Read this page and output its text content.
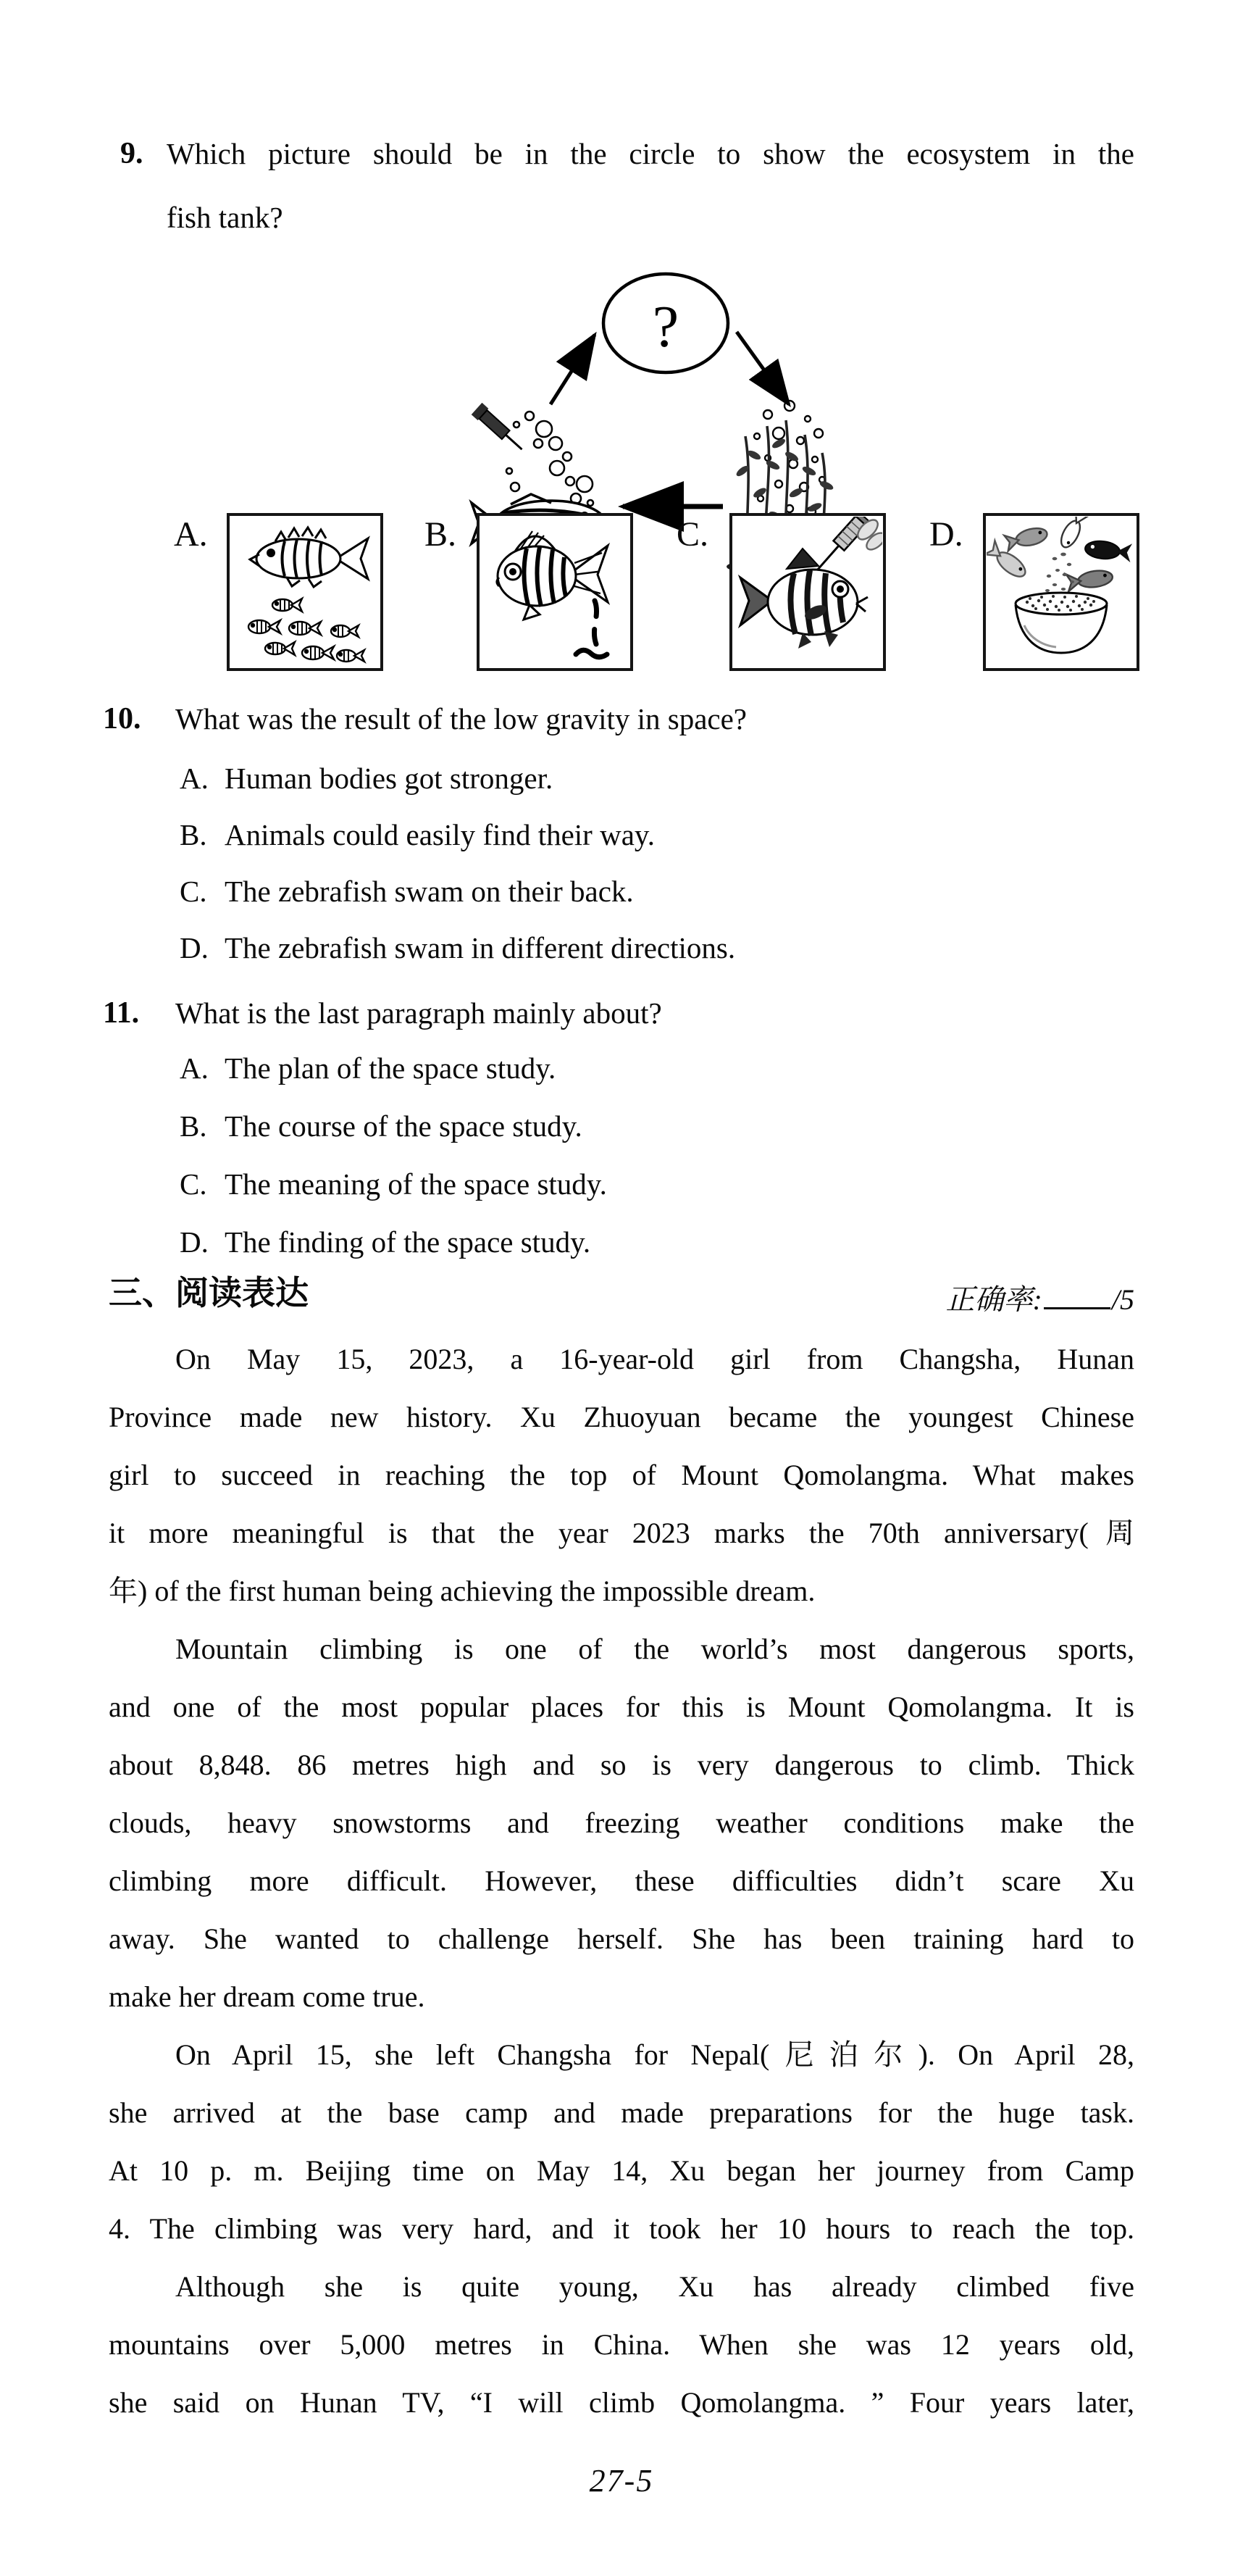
9. Which picture should be in the circle to show the ecosystem in the
fish tank?
?
A.	B.	C.	D.
10. What was the result of the low gravity in space?
A. Human bodies got stronger.
B. Animals could easily find their way.
C. The zebrafish swam on their back.
D. The zebrafish swam in different directions.
11. What is the last paragraph mainly about?
A. The plan of the space study.
B. The course of the space study.
C. The meaning of the space study.
D. The finding of the space study.
三、阅读表达	正确率: /5
On May 15, 2023, a 16-year-old girl from Changsha, Hunan
Province made new history. Xu Zhuoyuan became the youngest Chinese
girl to succeed in reaching the top of Mount Qomolangma. What makes
it more meaningful is that the year 2023 marks the 70th anniversary(周
年) of the first human being achieving the impossible dream.
Mountain climbing is one of the world’s most dangerous sports,
and one of the most popular places for this is Mount Qomolangma. It is
about 8,848. 86 metres high and so is very dangerous to climb. Thick
clouds, heavy snowstorms and freezing weather conditions make the
climbing more difficult. However, these difficulties didn’t scare Xu
away. She wanted to challenge herself. She has been training hard to
make her dream come true.
On April 15, she left Changsha for Nepal(尼泊尔). On April 28,
she arrived at the base camp and made preparations for the huge task.
At 10 p. m. Beijing time on May 14, Xu began her journey from Camp
4. The climbing was very hard, and it took her 10 hours to reach the top.
Although she is quite young, Xu has already climbed five
mountains over 5,000 metres in China. When she was 12 years old,
she said on Hunan TV, “I will climb Qomolangma. ” Four years later,
27-5
